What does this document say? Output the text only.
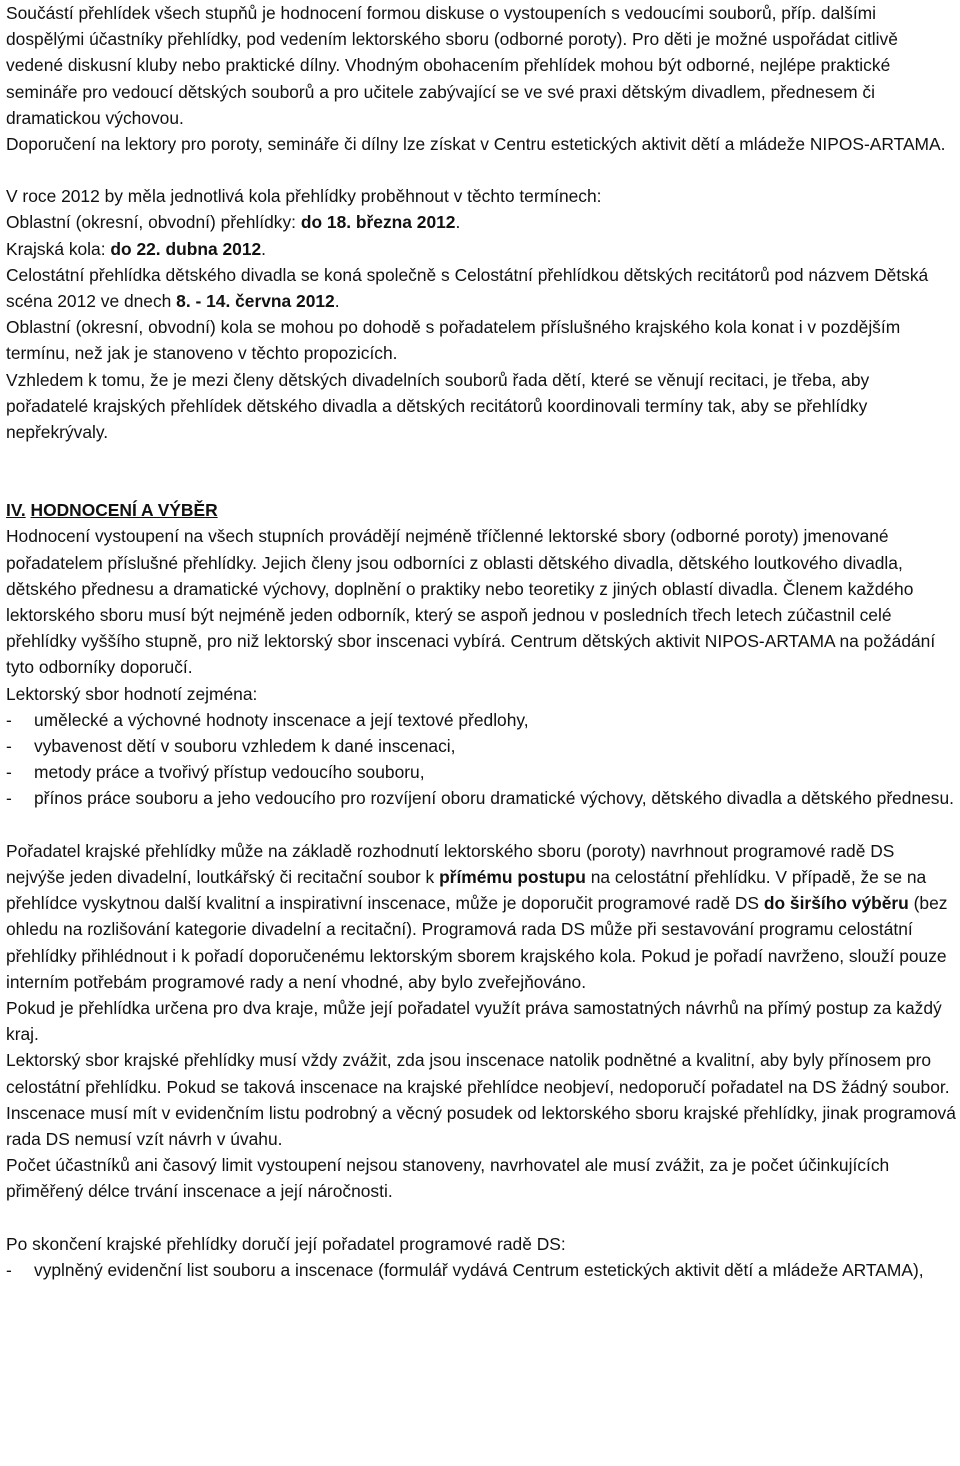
Součástí přehlídek všech stupňů je hodnocení formou diskuse o vystoupeních s vedoucími souborů, příp. dalšími dospělými účastníky přehlídky, pod vedením lektorského sboru (odborné poroty). Pro děti je možné uspořádat citlivě vedené diskusní kluby nebo praktické dílny. Vhodným obohacením přehlídek mohou být odborné, nejlépe praktické semináře pro vedoucí dětských souborů a pro učitele zabývající se ve své praxi dětským divadlem, přednesem či dramatickou výchovou.

Doporučení na lektory pro poroty, semináře či dílny lze získat v Centru estetických aktivit dětí a mládeže NIPOS-ARTAMA.

V roce 2012 by měla jednotlivá kola přehlídky proběhnout v těchto termínech:

Oblastní (okresní, obvodní) přehlídky: do 18. března 2012.

Krajská kola: do 22. dubna 2012.

Celostátní přehlídka dětského divadla se koná společně s Celostátní přehlídkou dětských recitátorů pod názvem Dětská scéna 2012 ve dnech 8. - 14. června 2012.

Oblastní (okresní, obvodní) kola se mohou po dohodě s pořadatelem příslušného krajského kola konat i v pozdějším termínu, než jak je stanoveno v těchto propozicích.

Vzhledem k tomu, že je mezi členy dětských divadelních souborů řada dětí, které se věnují recitaci, je třeba, aby pořadatelé krajských přehlídek dětského divadla a dětských recitátorů koordinovali termíny tak, aby se přehlídky nepřekrývaly.

IV. HODNOCENÍ A VÝBĚR

Hodnocení vystoupení na všech stupních provádějí nejméně tříčlenné lektorské sbory (odborné poroty) jmenované pořadatelem příslušné přehlídky. Jejich členy jsou odborníci z oblasti dětského divadla, dětského loutkového divadla, dětského přednesu a dramatické výchovy, doplnění o praktiky nebo teoretiky z jiných oblastí divadla. Členem každého lektorského sboru musí být nejméně jeden odborník, který se aspoň jednou v posledních třech letech zúčastnil celé přehlídky vyššího stupně, pro niž lektorský sbor inscenaci vybírá. Centrum dětských aktivit NIPOS-ARTAMA na požádání tyto odborníky doporučí.

Lektorský sbor hodnotí zejména:

- umělecké a výchovné hodnoty inscenace a její textové předlohy,
- vybavenost dětí v souboru vzhledem k dané inscenaci,
- metody práce a tvořivý přístup vedoucího souboru,
- přínos práce souboru a jeho vedoucího pro rozvíjení oboru dramatické výchovy, dětského divadla a dětského přednesu.

Pořadatel krajské přehlídky může na základě rozhodnutí lektorského sboru (poroty) navrhnout programové radě DS nejvýše jeden divadelní, loutkářský či recitační soubor k přímému postupu na celostátní přehlídku. V případě, že se na přehlídce vyskytnou další kvalitní a inspirativní inscenace, může je doporučit programové radě DS do širšího výběru (bez ohledu na rozlišování kategorie divadelní a recitační). Programová rada DS může při sestavování programu celostátní přehlídky přihlédnout i k pořadí doporučenému lektorským sborem krajského kola. Pokud je pořadí navrženo, slouží pouze interním potřebám programové rady a není vhodné, aby bylo zveřejňováno.

Pokud je přehlídka určena pro dva kraje, může její pořadatel využít práva samostatných návrhů na přímý postup za každý kraj.

Lektorský sbor krajské přehlídky musí vždy zvážit, zda jsou inscenace natolik podnětné a kvalitní, aby byly přínosem pro celostátní přehlídku. Pokud se taková inscenace na krajské přehlídce neobjeví, nedoporučí pořadatel na DS žádný soubor.

Inscenace musí mít v evidenčním listu podrobný a věcný posudek od lektorského sboru krajské přehlídky, jinak programová rada DS nemusí vzít návrh v úvahu.

Počet účastníků ani časový limit vystoupení nejsou stanoveny, navrhovatel ale musí zvážit, za je počet účinkujících přiměřený délce trvání inscenace a její náročnosti.

Po skončení krajské přehlídky doručí její pořadatel programové radě DS:

- vyplněný evidenční list souboru a inscenace (formulář vydává Centrum estetických aktivit dětí a mládeže ARTAMA),
